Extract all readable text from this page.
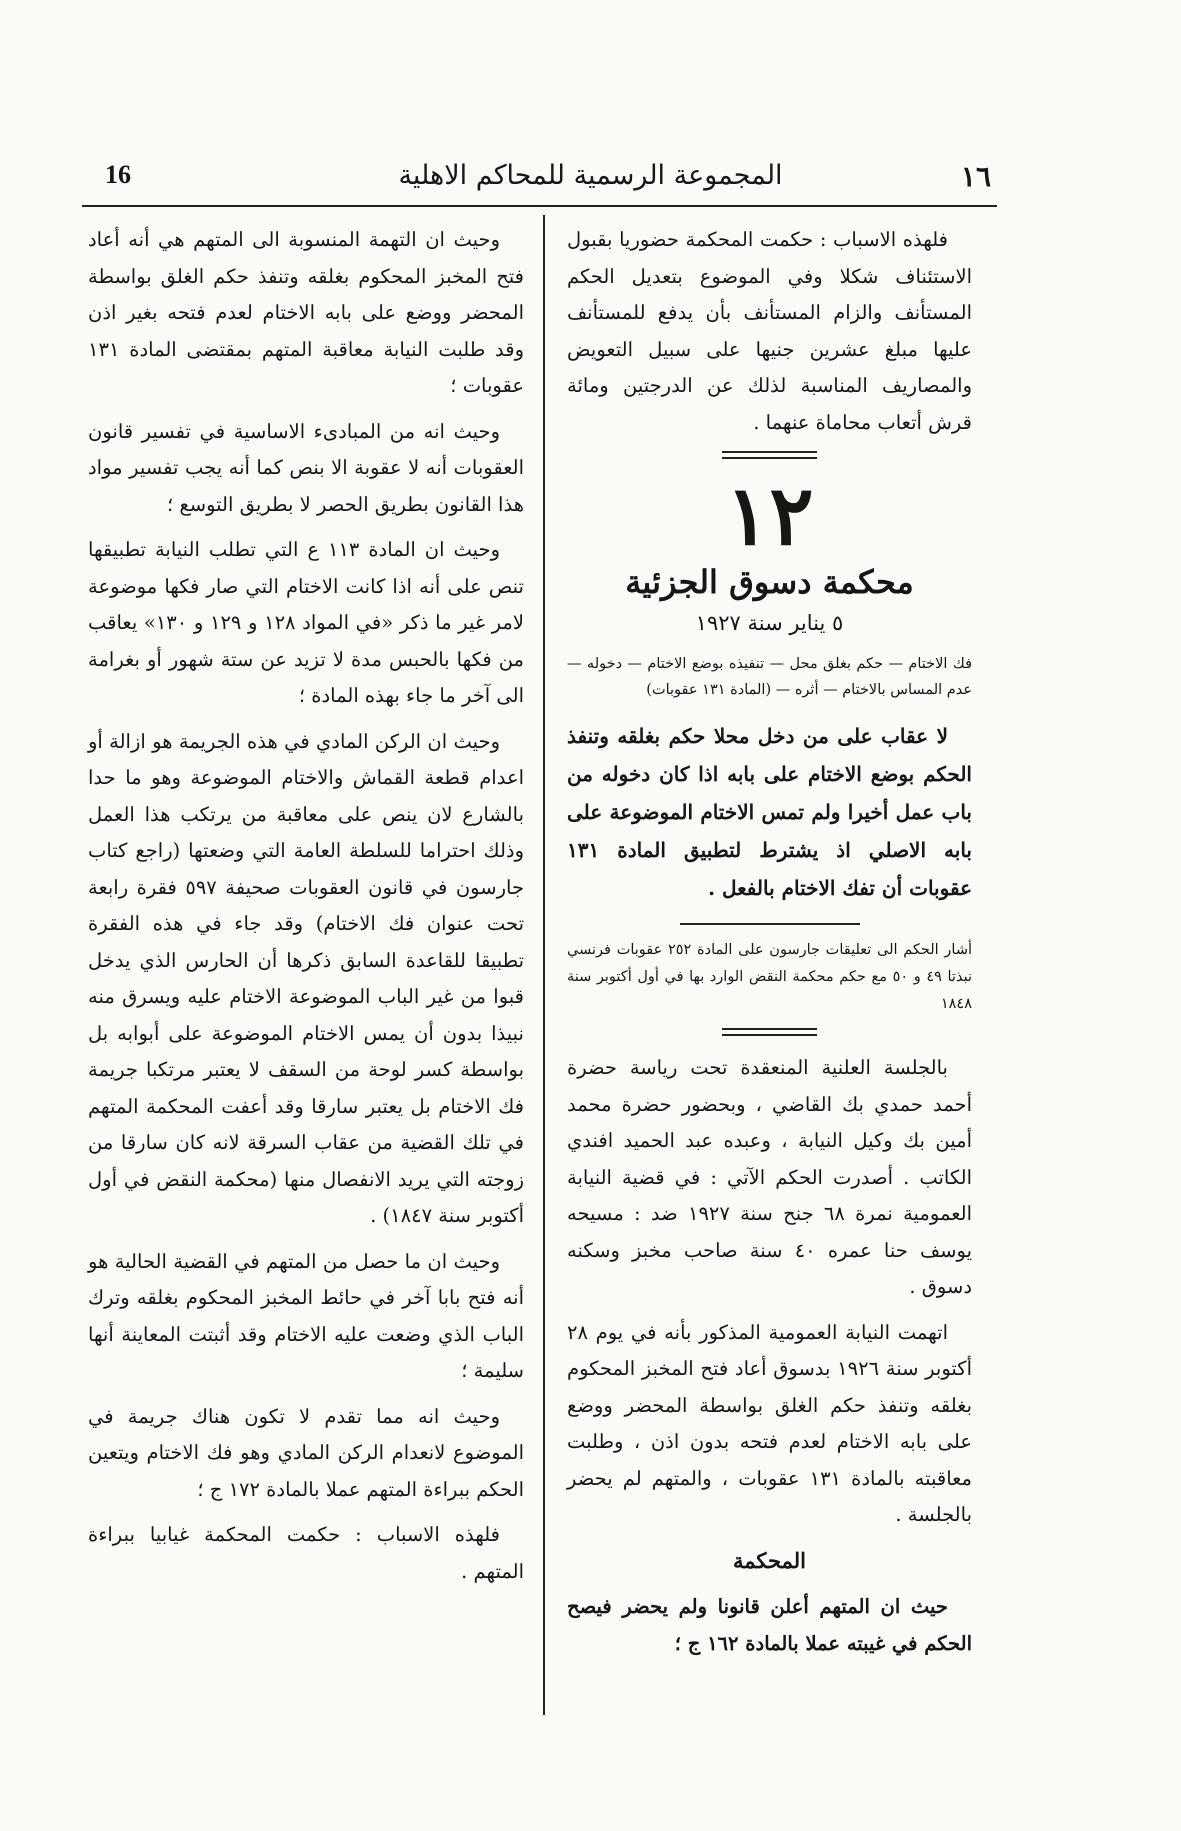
16	المجموعة الرسمية للمحاكم الاهلية	١٦

فلهذه الاسباب : حكمت المحكمة حضوريا بقبول الاستئناف شكلا وفي الموضوع بتعديل الحكم المستأنف والزام المستأنف بأن يدفع للمستأنف عليها مبلغ عشرين جنيها على سبيل التعويض والمصاريف المناسبة لذلك عن الدرجتين ومائة قرش أتعاب محاماة عنهما .

١٢
محكمة دسوق الجزئية
٥ يناير سنة ١٩٢٧
فك الاختام — حكم بغلق محل — تنفيذه بوضع الاختام — دخوله — عدم المساس بالاختام — أثره — (المادة ١٣١ عقوبات)

لا عقاب على من دخل محلا حكم بغلقه وتنفذ الحكم بوضع الاختام على بابه اذا كان دخوله من باب عمل أخيرا ولم تمس الاختام الموضوعة على بابه الاصلي اذ يشترط لتطبيق المادة ١٣١ عقوبات أن تفك الاختام بالفعل .

أشار الحكم الى تعليقات جارسون على المادة ٢٥٢ عقوبات فرنسي نبذتا ٤٩ و ٥٠ مع حكم محكمة النقض الوارد بها في أول أكتوبر سنة ١٨٤٨

بالجلسة العلنية المنعقدة تحت رياسة حضرة أحمد حمدي بك القاضي ، وبحضور حضرة محمد أمين بك وكيل النيابة ، وعبده عبد الحميد افندي الكاتب . أصدرت الحكم الآتي : في قضية النيابة العمومية نمرة ٦٨ جنح سنة ١٩٢٧ ضد : مسيحه يوسف حنا عمره ٤٠ سنة صاحب مخبز وسكنه دسوق .

اتهمت النيابة العمومية المذكور بأنه في يوم ٢٨ أكتوبر سنة ١٩٢٦ بدسوق أعاد فتح المخبز المحكوم بغلقه وتنفذ حكم الغلق بواسطة المحضر ووضع على بابه الاختام لعدم فتحه بدون اذن ، وطلبت معاقبته بالمادة ١٣١ عقوبات ، والمتهم لم يحضر بالجلسة .

المحكمة

حيث ان المتهم أعلن قانونا ولم يحضر فيصح الحكم في غيبته عملا بالمادة ١٦٢ ج ؛

وحيث ان التهمة المنسوبة الى المتهم هي أنه أعاد فتح المخبز المحكوم بغلقه وتنفذ حكم الغلق بواسطة المحضر ووضع على بابه الاختام لعدم فتحه بغير اذن وقد طلبت النيابة معاقبة المتهم بمقتضى المادة ١٣١ عقوبات ؛

وحيث انه من المبادىء الاساسية في تفسير قانون العقوبات أنه لا عقوبة الا بنص كما أنه يجب تفسير مواد هذا القانون بطريق الحصر لا بطريق التوسع ؛

وحيث ان المادة ١١٣ ع التي تطلب النيابة تطبيقها تنص على أنه اذا كانت الاختام التي صار فكها موضوعة لامر غير ما ذكر «في المواد ١٢٨ و ١٢٩ و ١٣٠» يعاقب من فكها بالحبس مدة لا تزيد عن ستة شهور أو بغرامة الى آخر ما جاء بهذه المادة ؛

وحيث ان الركن المادي في هذه الجريمة هو ازالة أو اعدام قطعة القماش والاختام الموضوعة وهو ما حدا بالشارع لان ينص على معاقبة من يرتكب هذا العمل وذلك احتراما للسلطة العامة التي وضعتها (راجع كتاب جارسون في قانون العقوبات صحيفة ٥٩٧ فقرة رابعة تحت عنوان فك الاختام) وقد جاء في هذه الفقرة تطبيقا للقاعدة السابق ذكرها أن الحارس الذي يدخل قبوا من غير الباب الموضوعة الاختام عليه ويسرق منه نبيذا بدون أن يمس الاختام الموضوعة على أبوابه بل بواسطة كسر لوحة من السقف لا يعتبر مرتكبا جريمة فك الاختام بل يعتبر سارقا وقد أعفت المحكمة المتهم في تلك القضية من عقاب السرقة لانه كان سارقا من زوجته التي يريد الانفصال منها (محكمة النقض في أول أكتوبر سنة ١٨٤٧) .

وحيث ان ما حصل من المتهم في القضية الحالية هو أنه فتح بابا آخر في حائط المخبز المحكوم بغلقه وترك الباب الذي وضعت عليه الاختام وقد أثبتت المعاينة أنها سليمة ؛

وحيث انه مما تقدم لا تكون هناك جريمة في الموضوع لانعدام الركن المادي وهو فك الاختام ويتعين الحكم ببراءة المتهم عملا بالمادة ١٧٢ ج ؛

فلهذه الاسباب : حكمت المحكمة غيابيا ببراءة المتهم .
